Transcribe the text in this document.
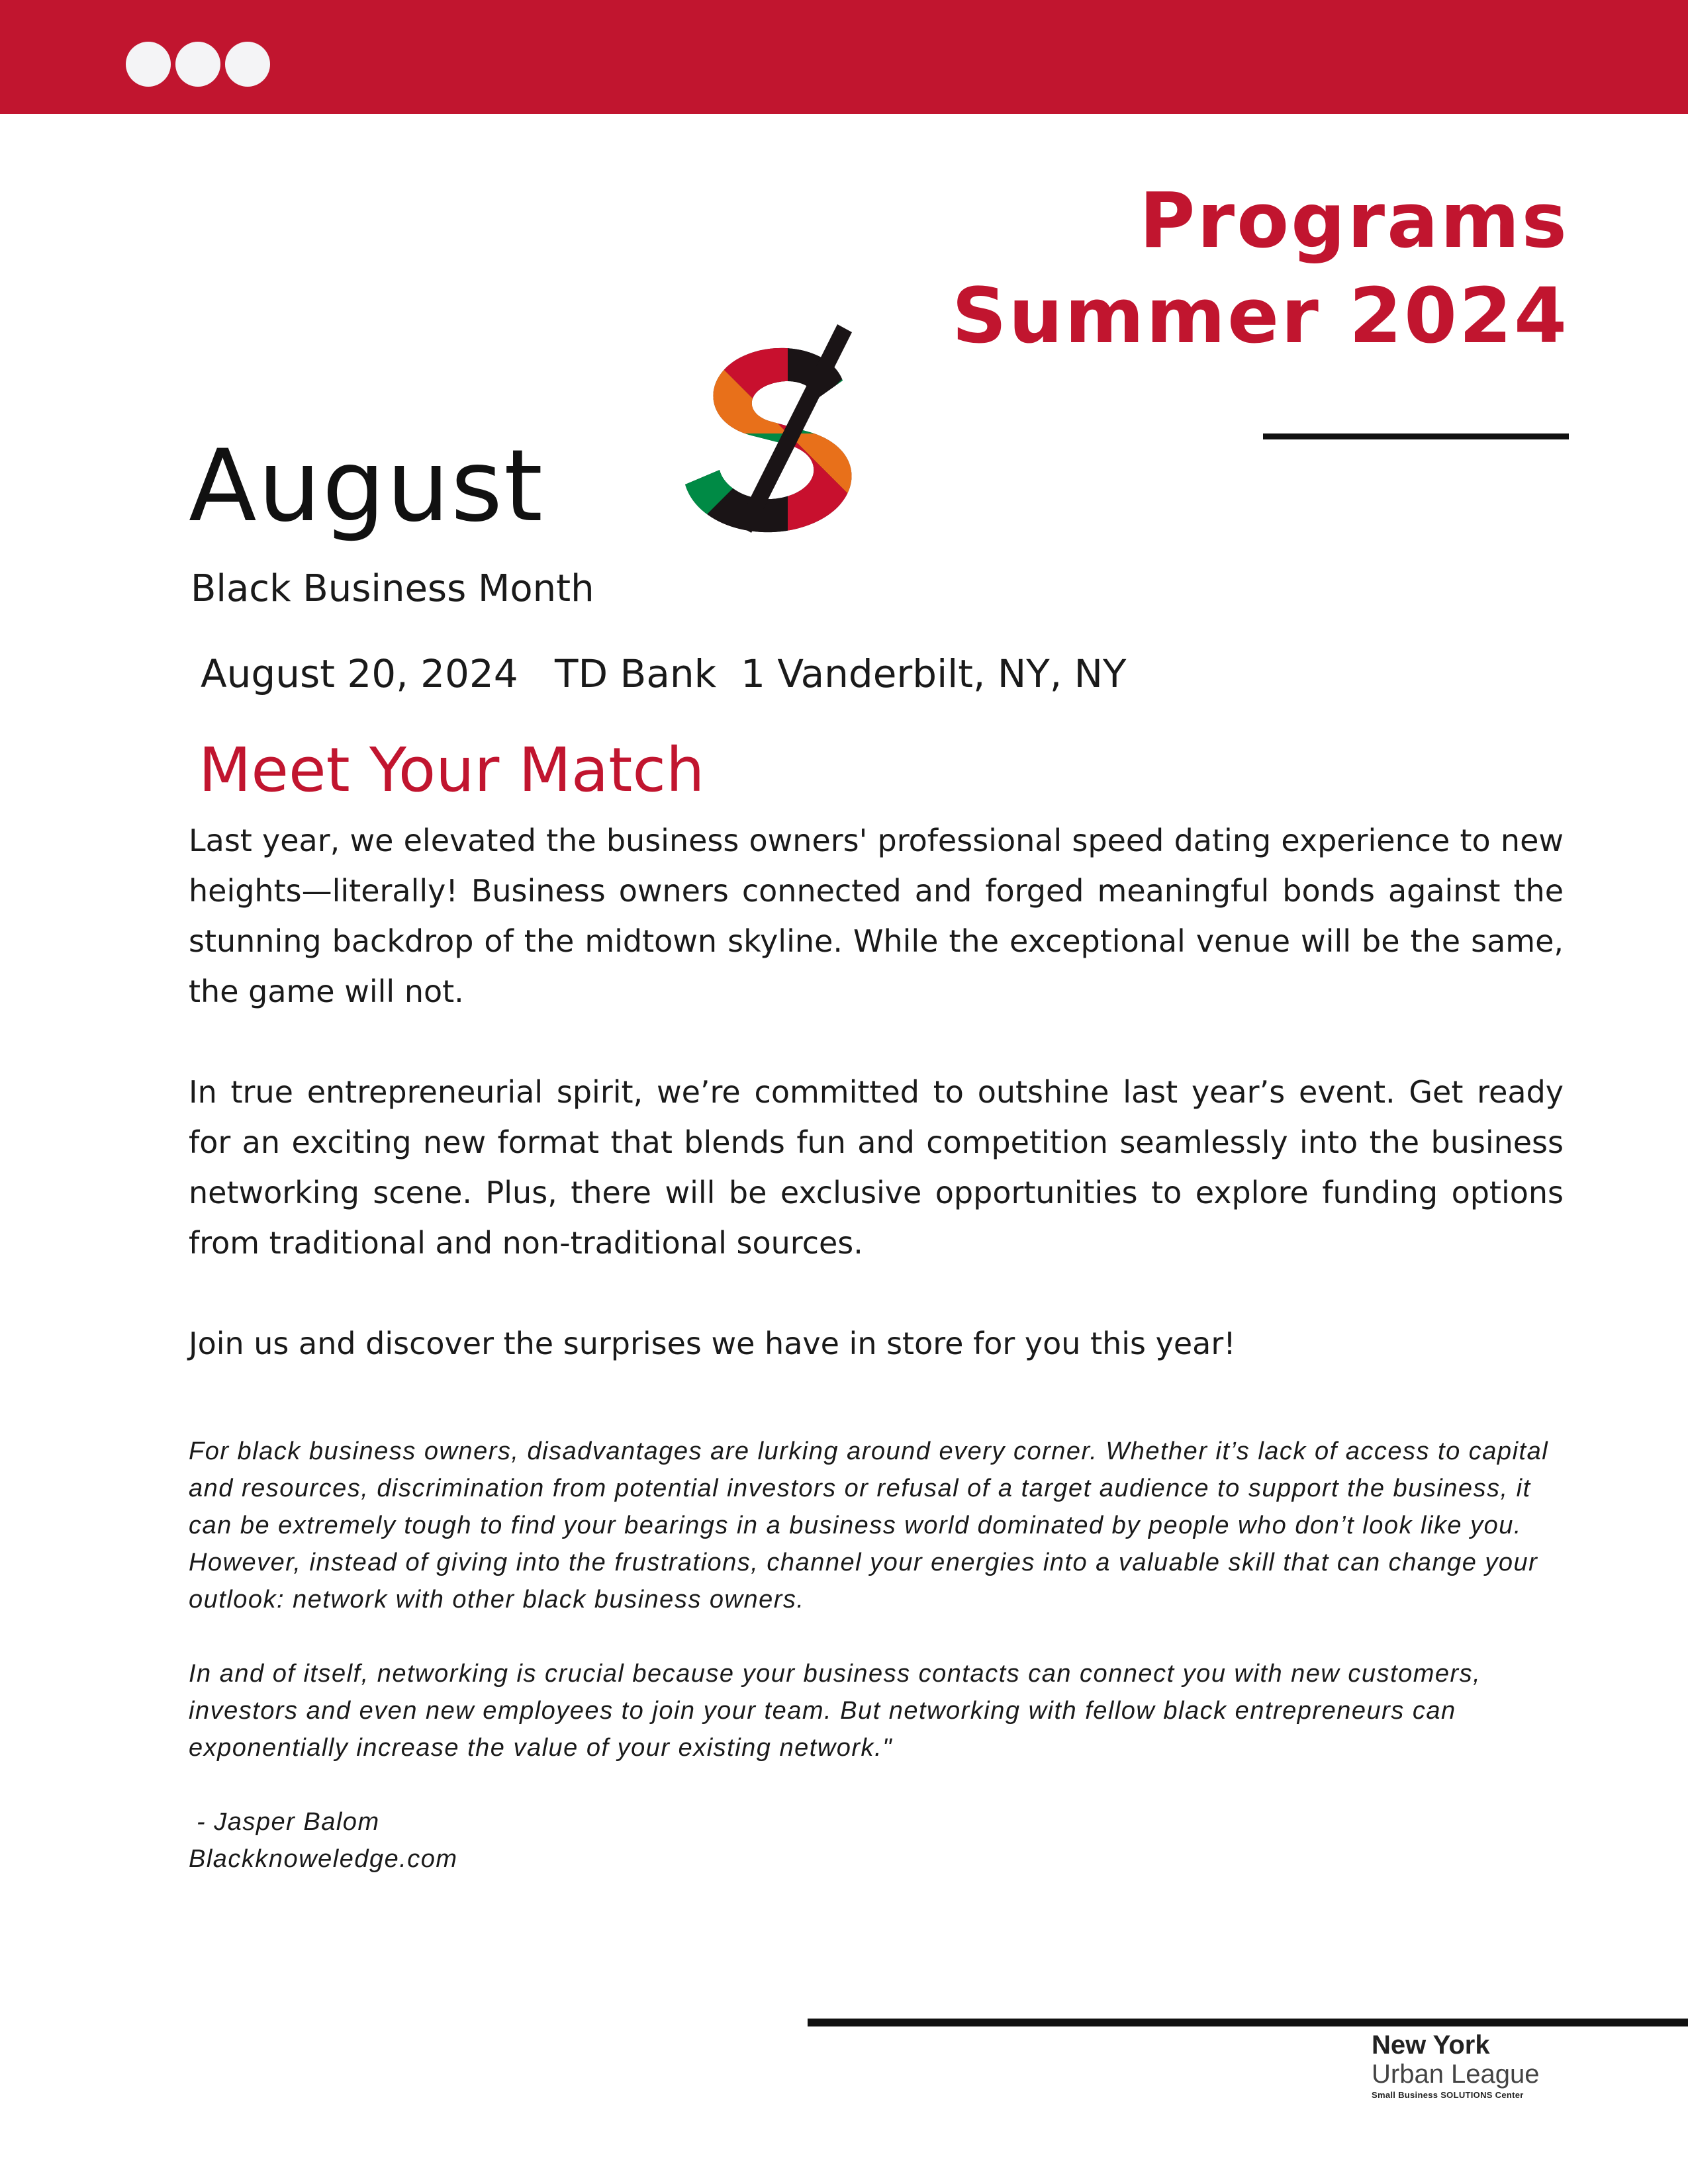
Programs
Summer 2024
August
Black Business Month
August 20, 2024 TD Bank  1 Vanderbilt, NY, NY
Meet Your Match

Last year, we elevated the business owners' professional speed dating experience to new heights—literally! Business owners connected and forged meaningful bonds against the stunning backdrop of the midtown skyline. While the exceptional venue will be the same, the game will not.

In true entrepreneurial spirit, we’re committed to outshine last year’s event. Get ready for an exciting new format that blends fun and competition seamlessly into the business networking scene. Plus, there will be exclusive opportunities to explore funding options from traditional and non-traditional sources.

Join us and discover the surprises we have in store for you this year!

For black business owners, disadvantages are lurking around every corner. Whether it’s lack of access to capital and resources, discrimination from potential investors or refusal of a target audience to support the business, it can be extremely tough to find your bearings in a business world dominated by people who don’t look like you. However, instead of giving into the frustrations, channel your energies into a valuable skill that can change your outlook: network with other black business owners.

In and of itself, networking is crucial because your business contacts can connect you with new customers, investors and even new employees to join your team. But networking with fellow black entrepreneurs can exponentially increase the value of your existing network."

- Jasper Balom
Blackknoweledge.com
New York
Urban League
Small Business SOLUTIONS Center
